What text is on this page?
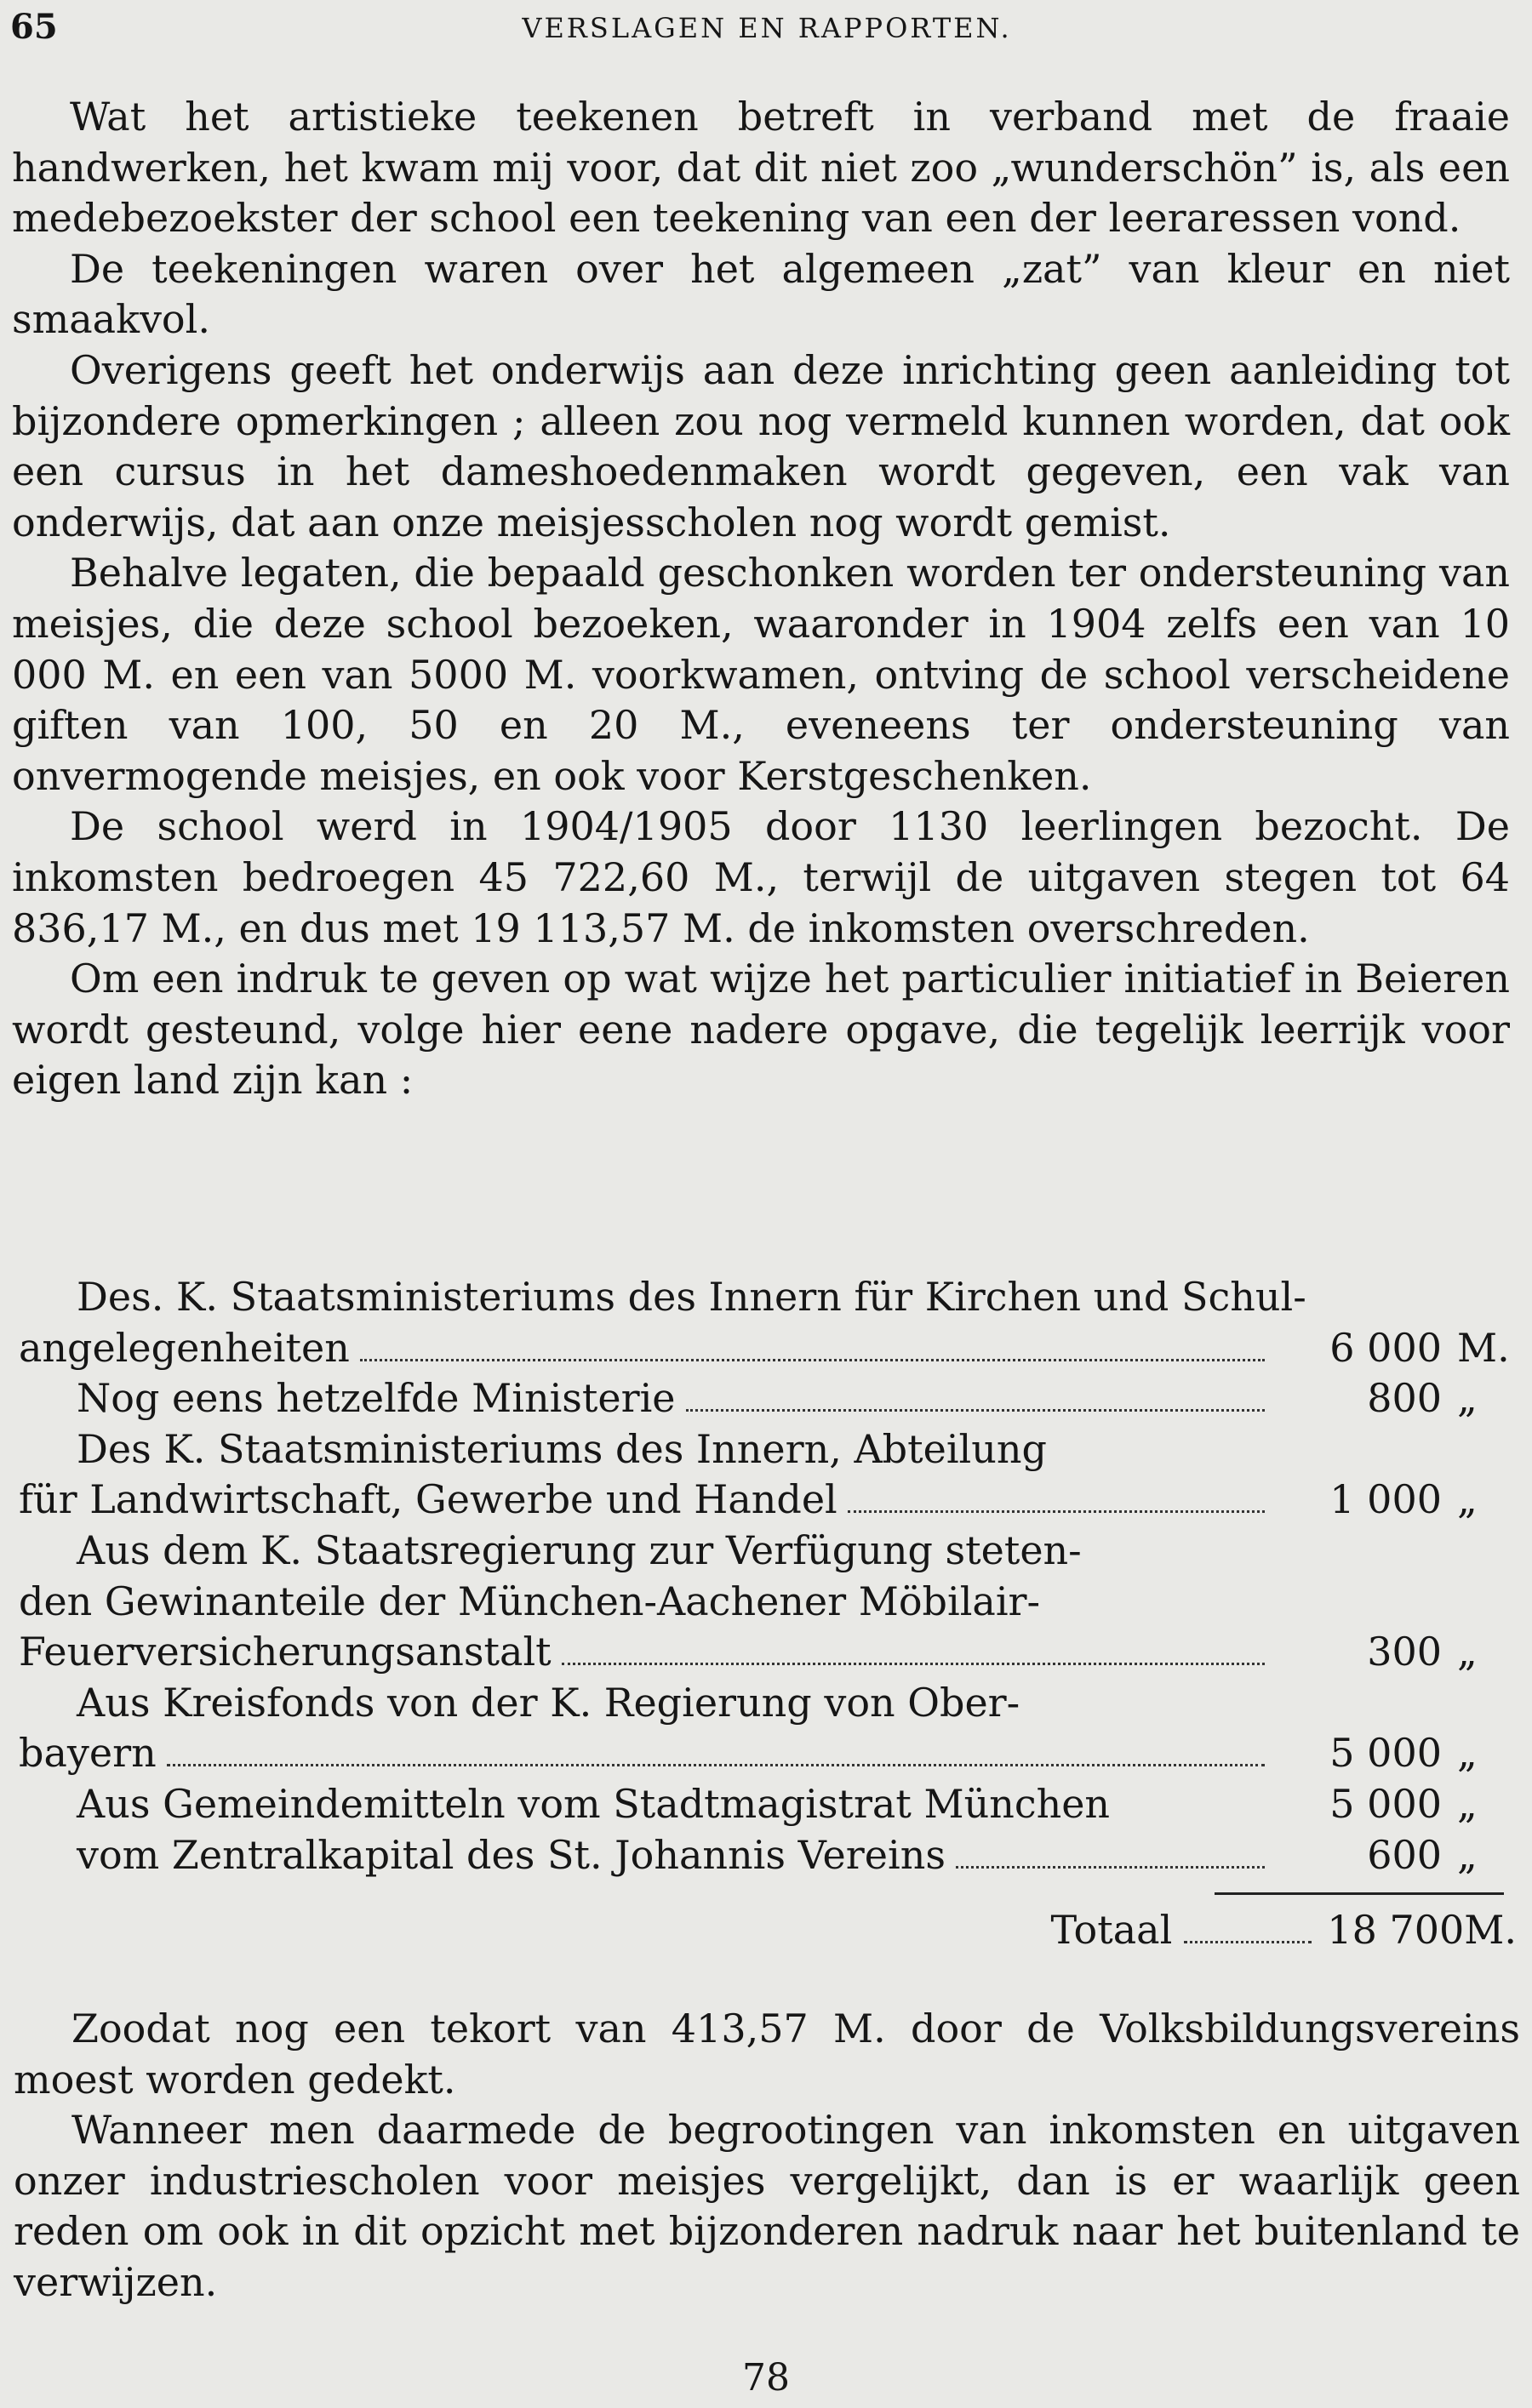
65	VERSLAGEN EN RAPPORTEN.

Wat het artistieke teekenen betreft in verband met de fraaie handwerken, het kwam mij voor, dat dit niet zoo „wunderschön” is, als een medebezoekster der school een teekening van een der leeraressen vond.

De teekeningen waren over het algemeen „zat” van kleur en niet smaakvol.

Overigens geeft het onderwijs aan deze inrichting geen aanleiding tot bijzondere opmerkingen ; alleen zou nog vermeld kunnen worden, dat ook een cursus in het dameshoedenmaken wordt gegeven, een vak van onderwijs, dat aan onze meisjesscholen nog wordt gemist.

Behalve legaten, die bepaald geschonken worden ter ondersteuning van meisjes, die deze school bezoeken, waaronder in 1904 zelfs een van 10 000 M. en een van 5000 M. voorkwamen, ontving de school verscheidene giften van 100, 50 en 20 M., eveneens ter ondersteuning van onvermogende meisjes, en ook voor Kerstgeschenken.

De school werd in 1904/1905 door 1130 leerlingen bezocht. De inkomsten bedroegen 45 722,60 M., terwijl de uitgaven stegen tot 64 836,17 M., en dus met 19 113,57 M. de inkomsten overschreden.

Om een indruk te geven op wat wijze het particulier initiatief in Beieren wordt gesteund, volge hier eene nadere opgave, die tegelijk leerrijk voor eigen land zijn kan :

Des. K. Staatsministeriums des Innern für Kirchen und Schul-
angelegenheiten	6 000 M.
Nog eens hetzelfde Ministerie	800 „
Des K. Staatsministeriums des Innern, Abteilung
für Landwirtschaft, Gewerbe und Handel	1 000 „
Aus dem K. Staatsregierung zur Verfügung steten-
den Gewinanteile der München-Aachener Möbilair-
Feuerversicherungsanstalt	300 „
Aus Kreisfonds von der K. Regierung von Ober-
bayern	5 000 „
Aus Gemeindemitteln vom Stadtmagistrat München	5 000 „
vom Zentralkapital des St. Johannis Vereins	600 „
Totaal	18 700 M.

Zoodat nog een tekort van 413,57 M. door de Volksbildungsvereins moest worden gedekt.

Wanneer men daarmede de begrootingen van inkomsten en uitgaven onzer industriescholen voor meisjes vergelijkt, dan is er waarlijk geen reden om ook in dit opzicht met bijzonderen nadruk naar het buitenland te verwijzen.

78
